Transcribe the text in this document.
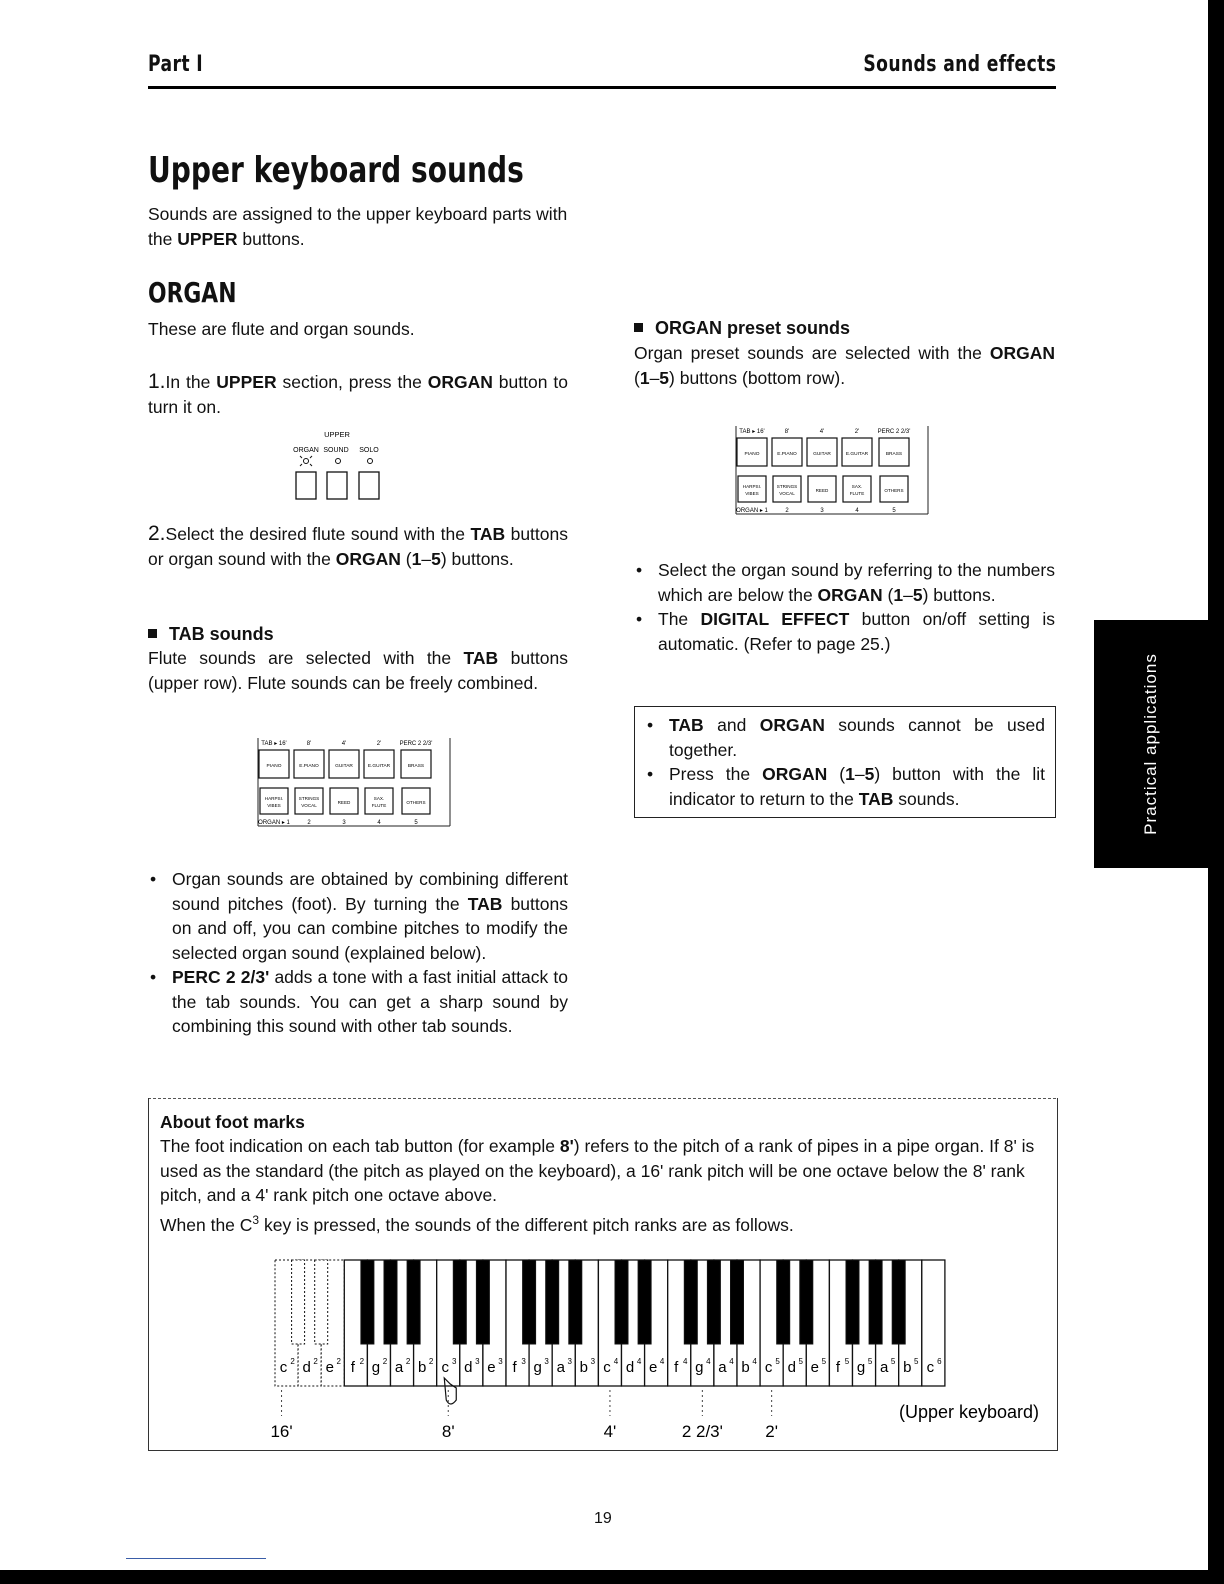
Part I	Sounds and effects
Upper keyboard sounds
Sounds are assigned to the upper keyboard parts with the UPPER buttons.
ORGAN
These are flute and organ sounds.
1.In the UPPER section, press the ORGAN button to turn it on.
UPPER
ORGAN SOUND SOLO
2.Select the desired flute sound with the TAB buttons or organ sound with the ORGAN (1–5) buttons.
TAB sounds
Flute sounds are selected with the TAB buttons (upper row). Flute sounds can be freely combined.
TAB ▸ 16'	8'	4'	2'	PERC 2 2/3'
PIANO	E.PIANO	GUITAR	E.GUITAR	BRASS
HARPSI.
VIBES
STRINGS
VOCAL
REED
SAX.
FLUTE
OTHERS
ORGAN ▸ 1	2	3	4	5
• Organ sounds are obtained by combining different sound pitches (foot). By turning the TAB buttons on and off, you can combine pitches to modify the selected organ sound (explained below).
• PERC 2 2/3' adds a tone with a fast initial attack to the tab sounds. You can get a sharp sound by combining this sound with other tab sounds.
ORGAN preset sounds
Organ preset sounds are selected with the ORGAN (1–5) buttons (bottom row).
TAB ▸ 16'	8'	4'	2'	PERC 2 2/3'
PIANO	E.PIANO	GUITAR	E.GUITAR	BRASS
HARPSI.
VIBES
STRINGS
VOCAL
REED
SAX.
FLUTE
OTHERS
ORGAN ▸ 1	2	3	4	5
• Select the organ sound by referring to the numbers which are below the ORGAN (1–5) buttons.
• The DIGITAL EFFECT button on/off setting is automatic. (Refer to page 25.)
• TAB and ORGAN sounds cannot be used together.
• Press the ORGAN (1–5) button with the lit indicator to return to the TAB sounds.	Practical applications
About foot marks
The foot indication on each tab button (for example 8') refers to the pitch of a rank of pipes in a pipe organ. If 8' is used as the standard (the pitch as played on the keyboard), a 16' rank pitch will be one octave below the 8' rank pitch, and a 4' rank pitch one octave above.
When the $C^3$ key is pressed, the sounds of the different pitch ranks are as follows.
c 2 d 2 e 2 f 2 g 2 a 2 b 2 c 3 d 3 e 3 f 3 g 3 a 3 b 3 c 4 d 4 e 4 f 4 g 4 a 4 b 4 c 5 d 5 e 5 f 5 g 5 a 5 b 5 c 6
16'	8'	4'	2 2/3' 2'
(Upper keyboard)
19
